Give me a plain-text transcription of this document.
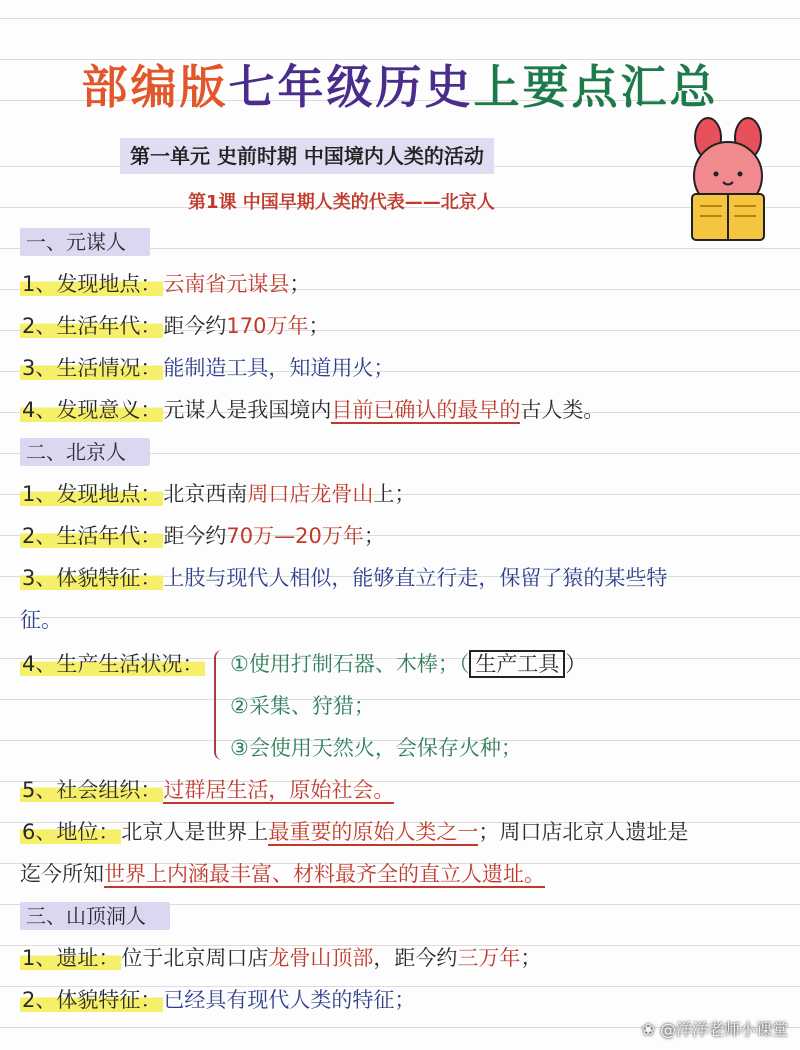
部编版七年级历史上要点汇总
第一单元 史前时期 中国境内人类的活动
第1课 中国早期人类的代表——北京人
一、元谋人
1、发现地点：云南省元谋县；
2、生活年代：距今约170万年；
3、生活情况：能制造工具，知道用火；
4、发现意义：元谋人是我国境内目前已确认的最早的古人类。
二、北京人
1、发现地点：北京西南周口店龙骨山上；
2、生活年代：距今约70万—20万年；
3、体貌特征：上肢与现代人相似，能够直立行走，保留了猿的某些特
征。
4、生产生活状况： ①使用打制石器、木棒；（ 生产工具 ）
②采集、狩猎；
③会使用天然火，会保存火种；
5、社会组织：过群居生活，原始社会。
6、地位：北京人是世界上最重要的原始人类之一；周口店北京人遗址是
迄今所知世界上内涵最丰富、材料最齐全的直立人遗址。
三、山顶洞人
1、遗址：位于北京周口店龙骨山顶部，距今约三万年；
2、体貌特征：已经具有现代人类的特征；
❀ @洋洋老师小课堂
